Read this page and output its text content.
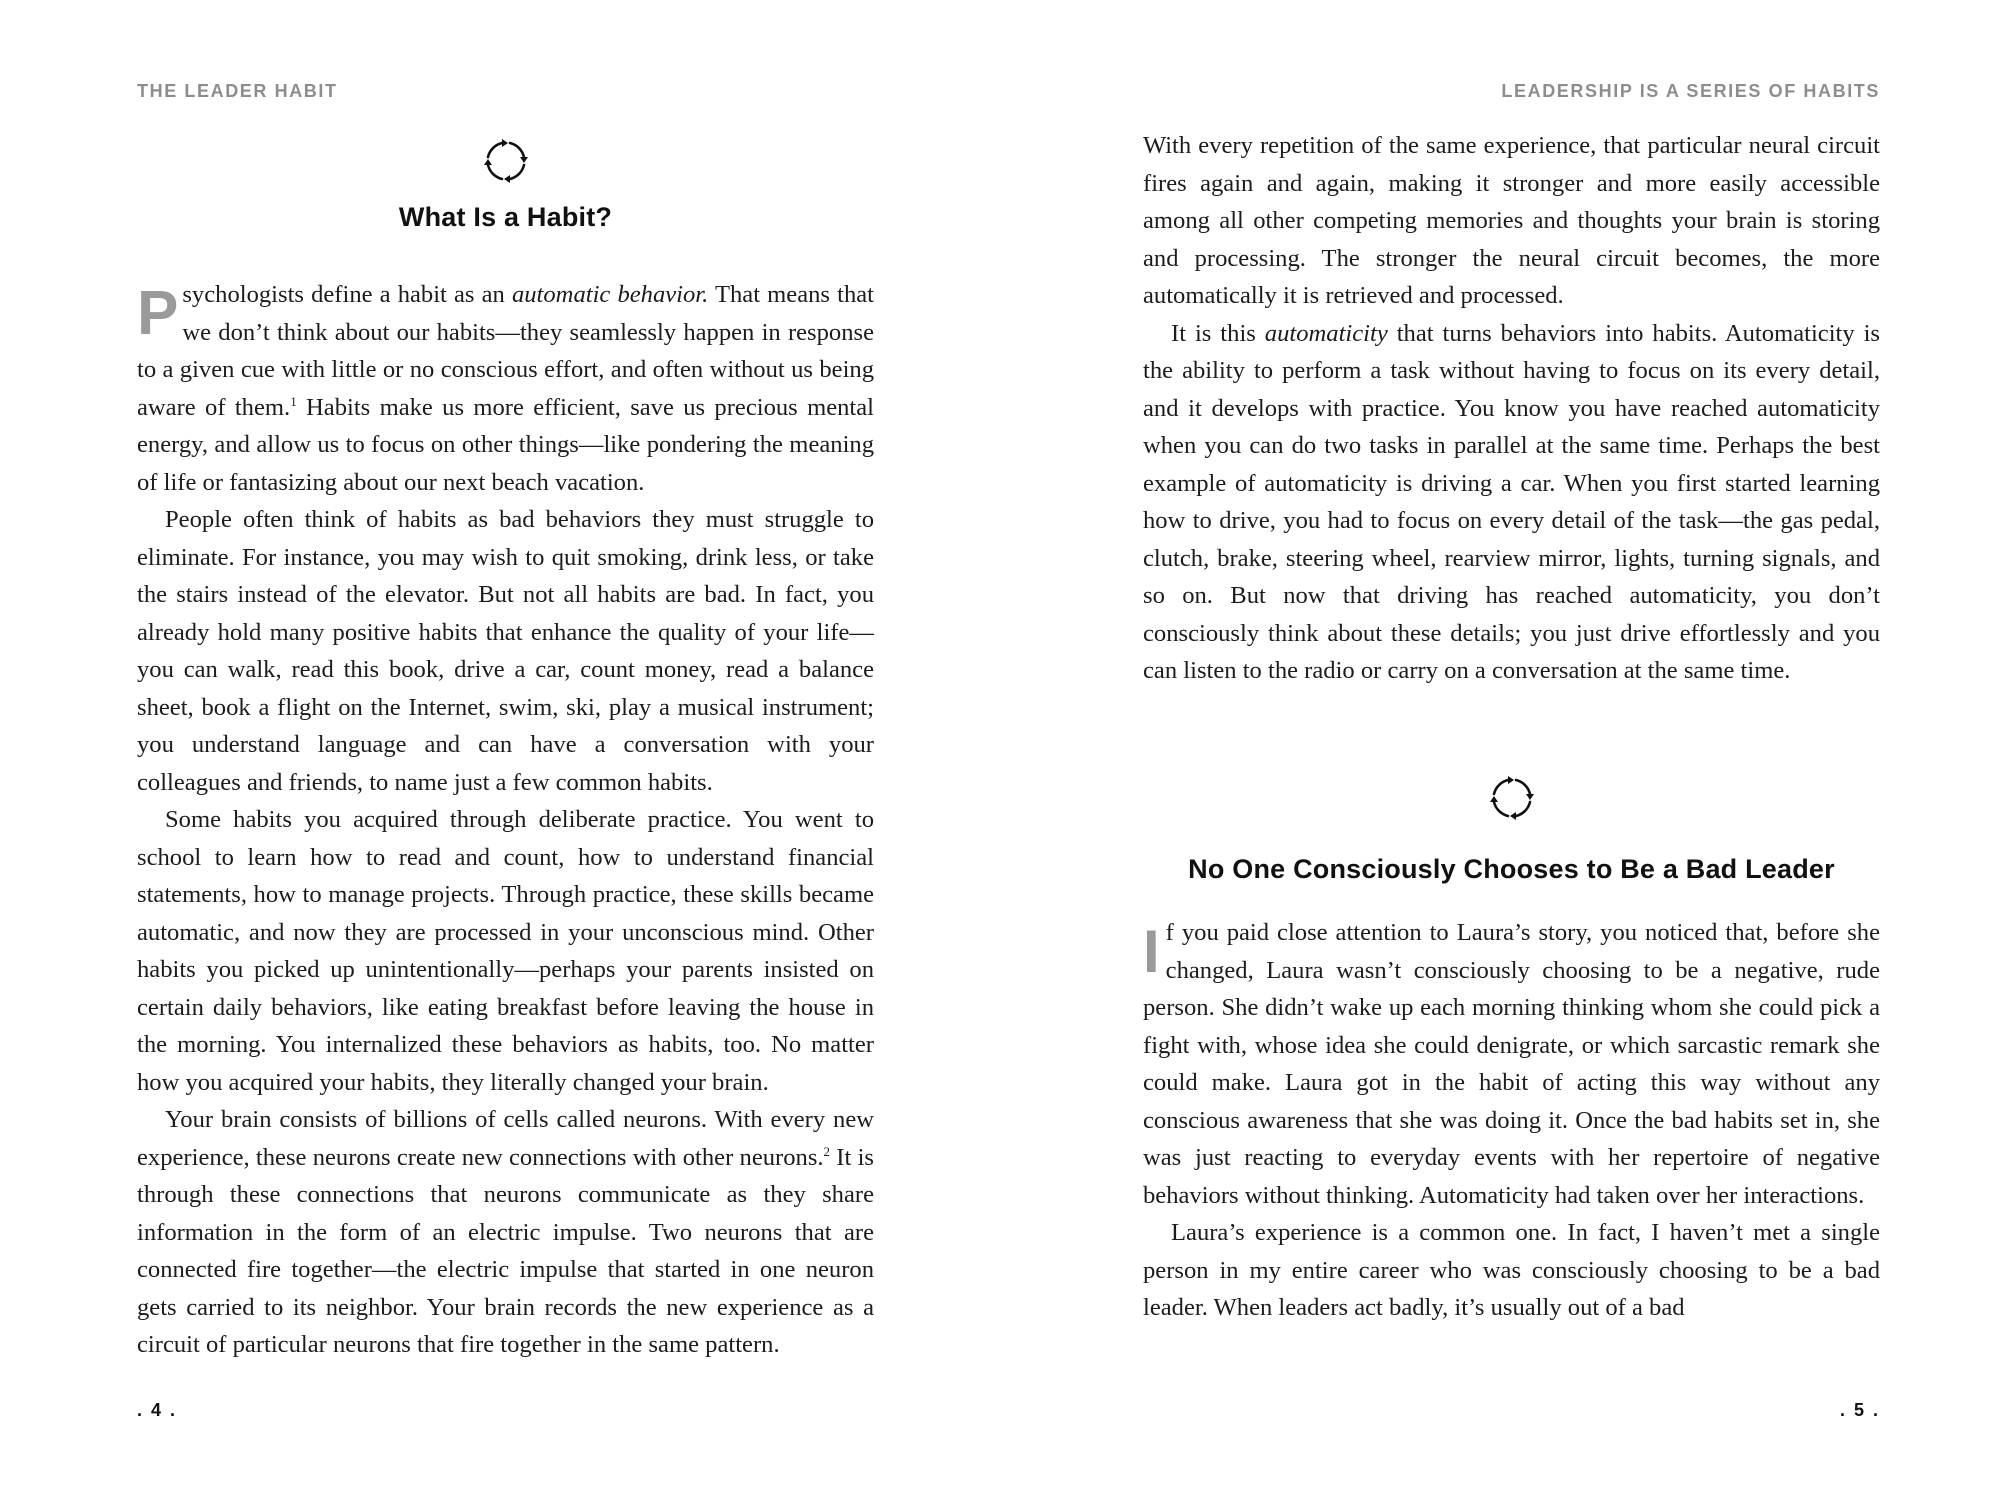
THE LEADER HABIT
What Is a Habit?

Psychologists define a habit as an automatic behavior. That means that we don’t think about our habits—they seamlessly happen in response to a given cue with little or no conscious effort, and often without us being aware of them.$^1$ Habits make us more efficient, save us precious mental energy, and allow us to focus on other things—like pondering the meaning of life or fantasizing about our next beach vacation.

People often think of habits as bad behaviors they must struggle to eliminate. For instance, you may wish to quit smoking, drink less, or take the stairs instead of the elevator. But not all habits are bad. In fact, you already hold many positive habits that enhance the quality of your life—you can walk, read this book, drive a car, count money, read a balance sheet, book a flight on the Internet, swim, ski, play a musical instrument; you understand language and can have a conversation with your colleagues and friends, to name just a few common habits.

Some habits you acquired through deliberate practice. You went to school to learn how to read and count, how to understand financial statements, how to manage projects. Through practice, these skills became automatic, and now they are processed in your unconscious mind. Other habits you picked up unintentionally—perhaps your parents insisted on certain daily behaviors, like eating breakfast before leaving the house in the morning. You internalized these behaviors as habits, too. No matter how you acquired your habits, they literally changed your brain.

Your brain consists of billions of cells called neurons. With every new experience, these neurons create new connections with other neurons.$^2$ It is through these connections that neurons communicate as they share information in the form of an electric impulse. Two neurons that are connected fire together—the electric impulse that started in one neuron gets carried to its neighbor. Your brain records the new experience as a circuit of particular neurons that fire together in the same pattern.

. 4 .
LEADERSHIP IS A SERIES OF HABITS

With every repetition of the same experience, that particular neural circuit fires again and again, making it stronger and more easily accessible among all other competing memories and thoughts your brain is storing and processing. The stronger the neural circuit becomes, the more automatically it is retrieved and processed.

It is this automaticity that turns behaviors into habits. Automaticity is the ability to perform a task without having to focus on its every detail, and it develops with practice. You know you have reached automaticity when you can do two tasks in parallel at the same time. Perhaps the best example of automaticity is driving a car. When you first started learning how to drive, you had to focus on every detail of the task—the gas pedal, clutch, brake, steering wheel, rearview mirror, lights, turning signals, and so on. But now that driving has reached automaticity, you don’t consciously think about these details; you just drive effortlessly and you can listen to the radio or carry on a conversation at the same time.

No One Consciously Chooses to Be a Bad Leader

If you paid close attention to Laura’s story, you noticed that, before she changed, Laura wasn’t consciously choosing to be a negative, rude person. She didn’t wake up each morning thinking whom she could pick a fight with, whose idea she could denigrate, or which sarcastic remark she could make. Laura got in the habit of acting this way without any conscious awareness that she was doing it. Once the bad habits set in, she was just reacting to everyday events with her repertoire of negative behaviors without thinking. Automaticity had taken over her interactions.

Laura’s experience is a common one. In fact, I haven’t met a single person in my entire career who was consciously choosing to be a bad leader. When leaders act badly, it’s usually out of a bad

. 5 .
